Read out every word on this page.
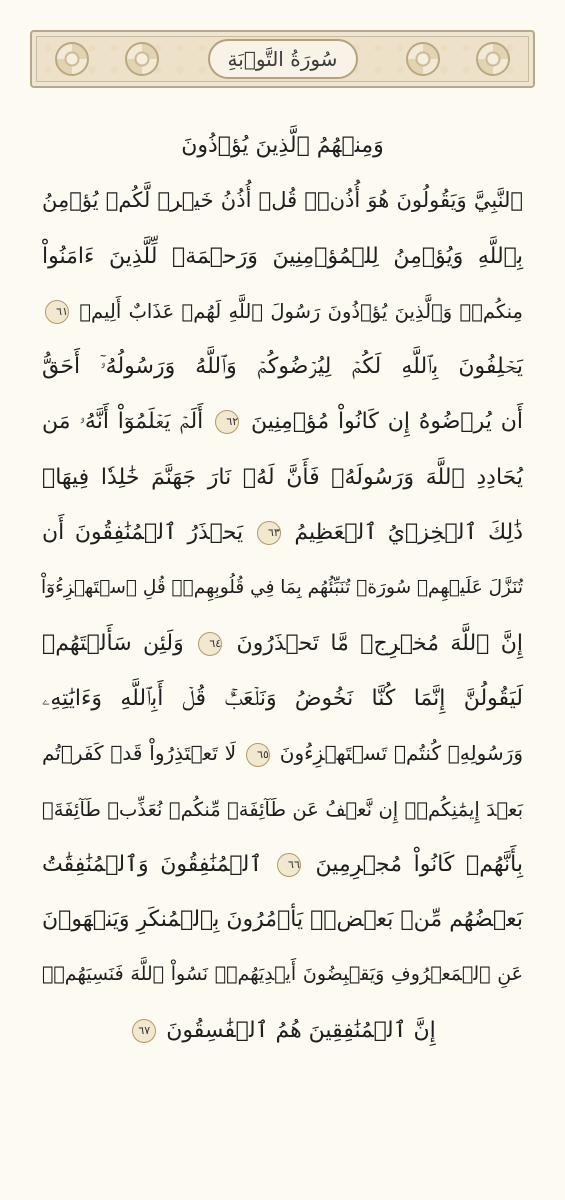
سُورَةُ التَّوۡبَةِ
وَمِنۡهُمُ ٱلَّذِينَ يُؤۡذُونَ
ٱلنَّبِيَّ وَيَقُولُونَ هُوَ أُذُنٞۚ قُلۡ أُذُنُ خَيۡرٖ لَّكُمۡ يُؤۡمِنُ
بِٱللَّهِ وَيُؤۡمِنُ لِلۡمُؤۡمِنِينَ وَرَحۡمَةٞ لِّلَّذِينَ ءَامَنُواْ
مِنكُمۡۚ وَٱلَّذِينَ يُؤۡذُونَ رَسُولَ ٱللَّهِ لَهُمۡ عَذَابٌ أَلِيمٞ ٦١
يَحۡلِفُونَ بِٱللَّهِ لَكُمۡ لِيُرۡضُوكُمۡ وَٱللَّهُ وَرَسُولُهُۥٓ أَحَقُّ
أَن يُرۡضُوهُ إِن كَانُواْ مُؤۡمِنِينَ ٦٢ أَلَمۡ يَعۡلَمُوٓاْ أَنَّهُۥ مَن
يُحَادِدِ ٱللَّهَ وَرَسُولَهُۥ فَأَنَّ لَهُۥ نَارَ جَهَنَّمَ خَٰلِدٗا فِيهَاۚ
ذَٰلِكَ ٱلۡخِزۡيُ ٱلۡعَظِيمُ ٦٣ يَحۡذَرُ ٱلۡمُنَٰفِقُونَ أَن
تُنَزَّلَ عَلَيۡهِمۡ سُورَةٞ تُنَبِّئُهُم بِمَا فِي قُلُوبِهِمۡۚ قُلِ ٱسۡتَهۡزِءُوٓاْ
إِنَّ ٱللَّهَ مُخۡرِجٞ مَّا تَحۡذَرُونَ ٦٤ وَلَئِن سَأَلۡتَهُمۡ
لَيَقُولُنَّ إِنَّمَا كُنَّا نَخُوضُ وَنَلۡعَبُۚ قُلۡ أَبِٱللَّهِ وَءَايَٰتِهِۦ
وَرَسُولِهِۦ كُنتُمۡ تَسۡتَهۡزِءُونَ ٦٥ لَا تَعۡتَذِرُواْ قَدۡ كَفَرۡتُم
بَعۡدَ إِيمَٰنِكُمۡۚ إِن نَّعۡفُ عَن طَآئِفَةٖ مِّنكُمۡ نُعَذِّبۡ طَآئِفَةَۢ
بِأَنَّهُمۡ كَانُواْ مُجۡرِمِينَ ٦٦ ٱلۡمُنَٰفِقُونَ وَٱلۡمُنَٰفِقَٰتُ
بَعۡضُهُم مِّنۢ بَعۡضٖۚ يَأۡمُرُونَ بِٱلۡمُنكَرِ وَيَنۡهَوۡنَ
عَنِ ٱلۡمَعۡرُوفِ وَيَقۡبِضُونَ أَيۡدِيَهُمۡۚ نَسُواْ ٱللَّهَ فَنَسِيَهُمۡۚ
إِنَّ ٱلۡمُنَٰفِقِينَ هُمُ ٱلۡفَٰسِقُونَ ٦٧
